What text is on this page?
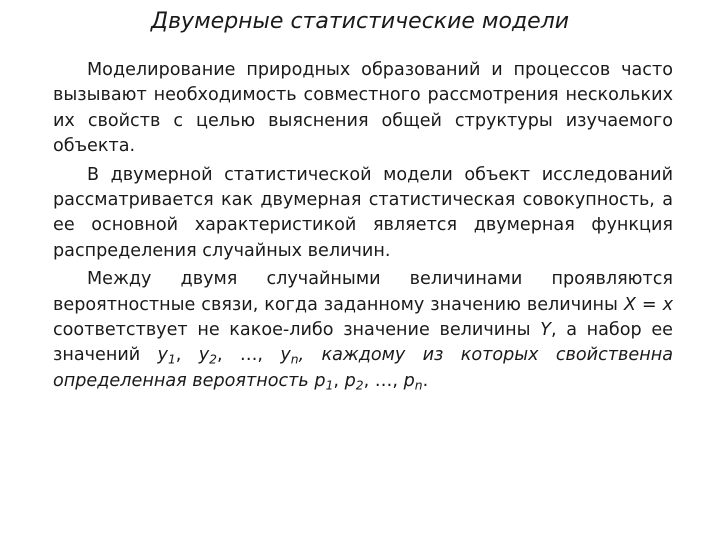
Двумерные статистические модели

Моделирование природных образований и процессов часто вызывают необходимость совместного рассмотрения нескольких их свойств с целью выяснения общей структуры изучаемого объекта.

В двумерной статистической модели объект исследований рассматривается как двумерная статистическая совокупность, а ее основной характеристикой является двумерная функция распределения случайных величин.

Между двумя случайными величинами проявляются вероятностные связи, когда заданному значению величины X = x соответствует не какое-либо значение величины Y, а набор ее значений $y_1$, $y_2$, …, $y_n$, каждому из которых свойственна определенная вероятность $p_1$, $p_2$, …, $p_n$.
